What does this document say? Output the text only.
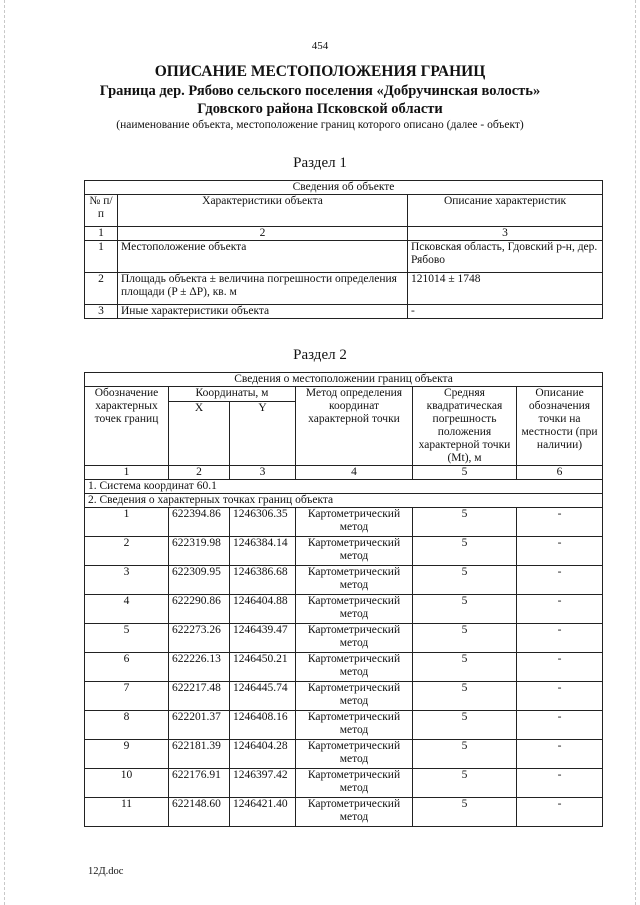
454
ОПИСАНИЕ МЕСТОПОЛОЖЕНИЯ ГРАНИЦ
Граница дер. Рябово сельского поселения «Добручинская волость»
Гдовского района Псковской области
(наименование объекта, местоположение границ которого описано (далее - объект)
Раздел 1
Сведения об объекте		
№ п/п	Характеристики объекта	Описание характеристик
1	2	3
1	Местоположение объекта	Псковская область, Гдовский р-н, дер. Рябово
2	Площадь объекта ± величина погрешности определения площади (P ± ΔP), кв. м	121014 ± 1748
3	Иные характеристики объекта	-
Раздел 2
Сведения о местоположении границ объекта					
Обозначение характерных точек границ	Координаты, м		Метод определения координат характерной точки	Средняя квадратическая погрешность положения характерной точки (Mt), м	Описание обозначения точки на местности (при наличии)
	X	Y			
1	2	3	4	5	6
1. Система координат 60.1					
2. Сведения о характерных точках границ объекта					
1	622394.86	1246306.35	Картометрический метод	5	-
2	622319.98	1246384.14	Картометрический метод	5	-
3	622309.95	1246386.68	Картометрический метод	5	-
4	622290.86	1246404.88	Картометрический метод	5	-
5	622273.26	1246439.47	Картометрический метод	5	-
6	622226.13	1246450.21	Картометрический метод	5	-
7	622217.48	1246445.74	Картометрический метод	5	-
8	622201.37	1246408.16	Картометрический метод	5	-
9	622181.39	1246404.28	Картометрический метод	5	-
10	622176.91	1246397.42	Картометрический метод	5	-
11	622148.60	1246421.40	Картометрический метод	5	-
12Д.doc
